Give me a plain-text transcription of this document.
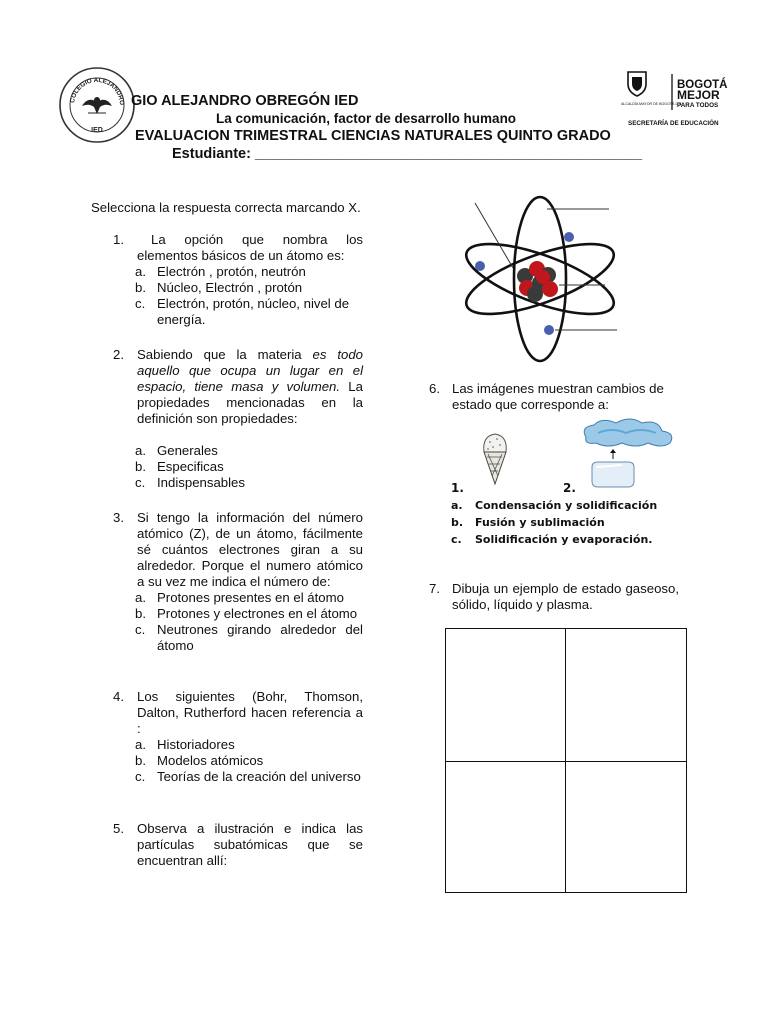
COLEGIO ALEJANDRO
IED
GIO ALEJANDRO OBREGÓN IED
La comunicación, factor de desarrollo humano
EVALUACION TRIMESTRAL CIENCIAS NATURALES QUINTO GRADO
Estudiante: ________________________________________________
BOGOTÁ
MEJOR
PARA TODOS
ALCALDÍA MAYOR DE BOGOTÁ D.C.
SECRETARÍA DE EDUCACIÓN
Selecciona la respuesta correcta marcando X.
1.	La opción que nombra los elementos básicos de un átomo es:
a. Electrón , protón, neutrón
b. Núcleo, Electrón , protón
c. Electrón, protón, núcleo, nivel de energía.
2. Sabiendo que la materia es todo aquello que ocupa un lugar en el espacio, tiene masa y volumen. La propiedades mencionadas en la definición son propiedades:
a. Generales
b. Especificas
c. Indispensables
3. Si tengo la información del número atómico (Z), de un átomo, fácilmente sé cuántos electrones giran a su alrededor. Porque el numero atómico a su vez me indica el número de:
a. Protones presentes en el átomo
b. Protones y electrones en el átomo
c. Neutrones girando alrededor del átomo
4. Los siguientes (Bohr, Thomson, Dalton, Rutherford hacen referencia a :
a. Historiadores
b. Modelos atómicos
c. Teorías de la creación del universo
5. Observa a ilustración e indica las partículas subatómicas que se encuentran allí:
6. Las imágenes muestran cambios de estado que corresponde a:
1.	2.
a. Condensación y solidificación
b. Fusión y sublimación
c. Solidificación y evaporación.
7. Dibuja un ejemplo de estado gaseoso, sólido, líquido y plasma.
